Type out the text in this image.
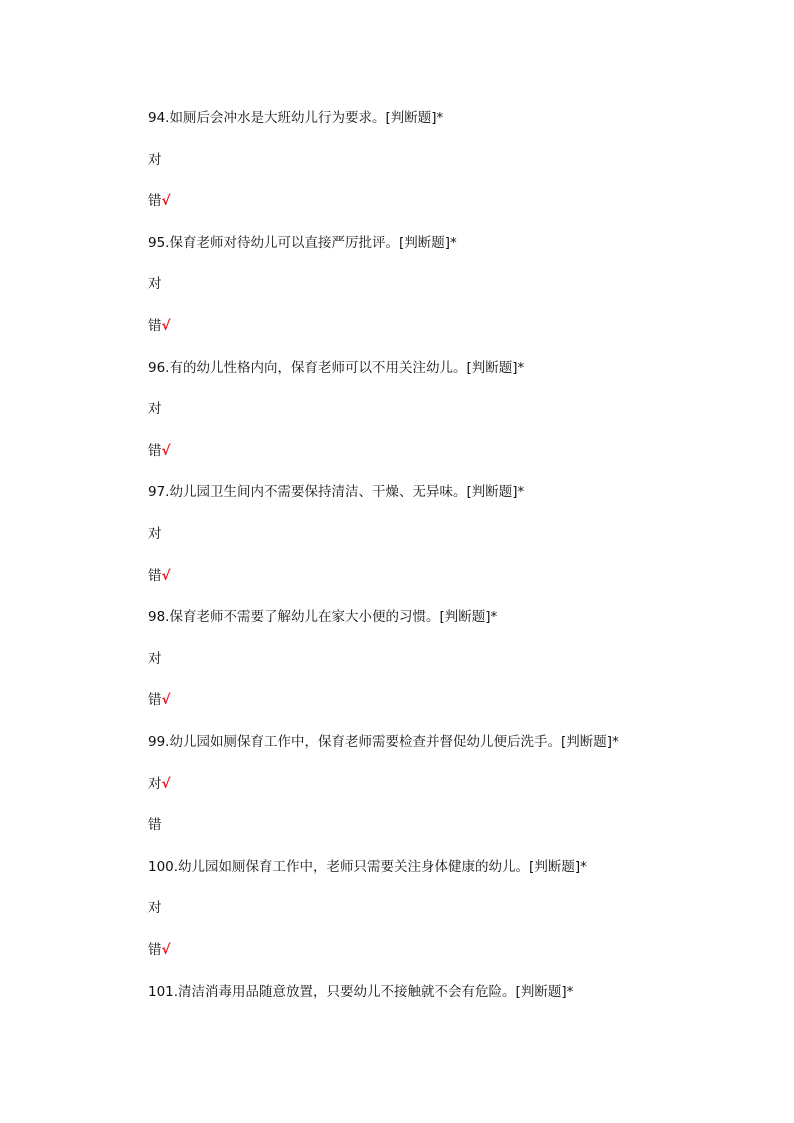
94.如厕后会冲水是大班幼儿行为要求。[判断题]*
对
错√
95.保育老师对待幼儿可以直接严厉批评。[判断题]*
对
错√
96.有的幼儿性格内向，保育老师可以不用关注幼儿。[判断题]*
对
错√
97.幼儿园卫生间内不需要保持清洁、干燥、无异味。[判断题]*
对
错√
98.保育老师不需要了解幼儿在家大小便的习惯。[判断题]*
对
错√
99.幼儿园如厕保育工作中，保育老师需要检查并督促幼儿便后洗手。[判断题]*
对√
错
100.幼儿园如厕保育工作中，老师只需要关注身体健康的幼儿。[判断题]*
对
错√
101.清洁消毒用品随意放置，只要幼儿不接触就不会有危险。[判断题]*
